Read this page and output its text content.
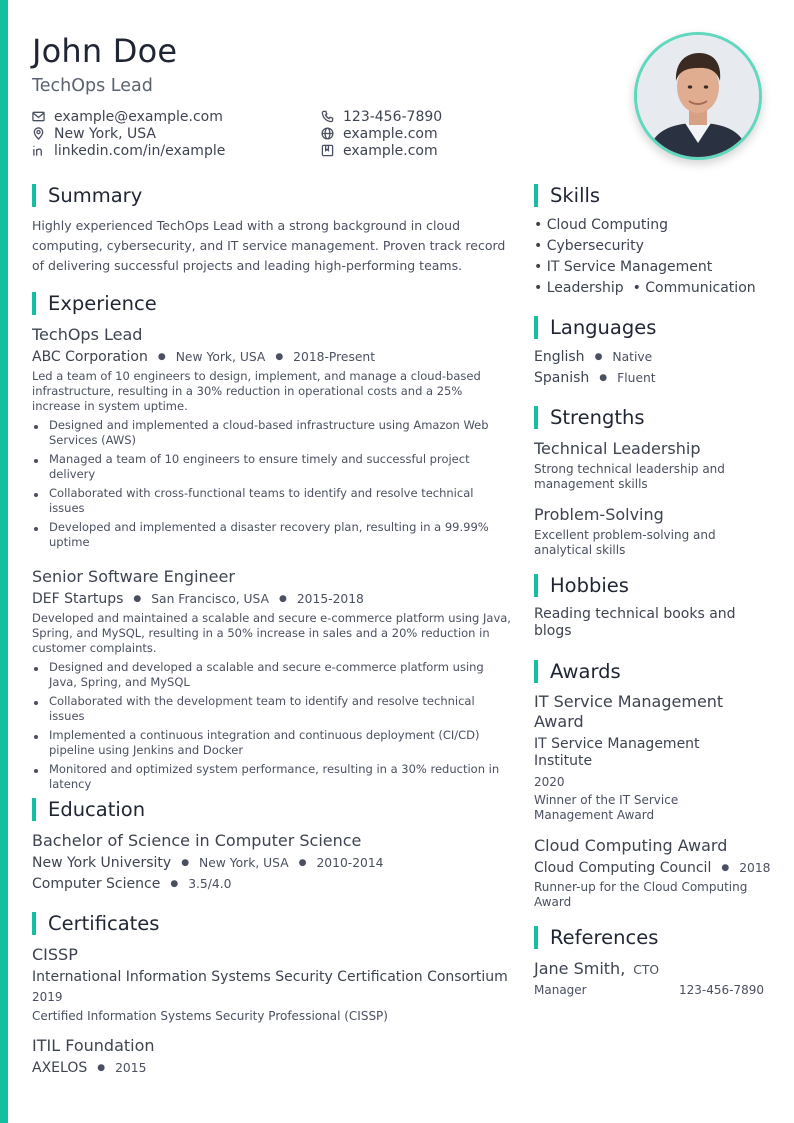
John Doe
TechOps Lead
example@example.com	123-456-7890
New York, USA	example.com
linkedin.com/in/example	example.com
Summary
Highly experienced TechOps Lead with a strong background in cloud computing, cybersecurity, and IT service management. Proven track record of delivering successful projects and leading high-performing teams.
Experience
TechOps Lead
ABC Corporation ● New York, USA ● 2018-Present
Led a team of 10 engineers to design, implement, and manage a cloud-based infrastructure, resulting in a 30% reduction in operational costs and a 25% increase in system uptime.
Designed and implemented a cloud-based infrastructure using Amazon Web Services (AWS)
Managed a team of 10 engineers to ensure timely and successful project delivery
Collaborated with cross-functional teams to identify and resolve technical issues
Developed and implemented a disaster recovery plan, resulting in a 99.99% uptime
Senior Software Engineer
DEF Startups ● San Francisco, USA ● 2015-2018
Developed and maintained a scalable and secure e-commerce platform using Java, Spring, and MySQL, resulting in a 50% increase in sales and a 20% reduction in customer complaints.
Designed and developed a scalable and secure e-commerce platform using Java, Spring, and MySQL
Collaborated with the development team to identify and resolve technical issues
Implemented a continuous integration and continuous deployment (CI/CD) pipeline using Jenkins and Docker
Monitored and optimized system performance, resulting in a 30% reduction in latency
Education
Bachelor of Science in Computer Science
New York University ● New York, USA ● 2010-2014
Computer Science ● 3.5/4.0
Certificates
CISSP
International Information Systems Security Certification Consortium
2019
Certified Information Systems Security Professional (CISSP)
ITIL Foundation
AXELOS ● 2015
Skills
• Cloud Computing
• Cybersecurity
• IT Service Management
• Leadership  • Communication
Languages
English ● Native
Spanish ● Fluent
Strengths
Technical Leadership
Strong technical leadership and management skills
Problem-Solving
Excellent problem-solving and analytical skills
Hobbies
Reading technical books and blogs
Awards
IT Service Management Award
IT Service Management Institute
2020
Winner of the IT Service Management Award
Cloud Computing Award
Cloud Computing Council ● 2018
Runner-up for the Cloud Computing Award
References
Jane Smith, CTO
Manager	123-456-7890
